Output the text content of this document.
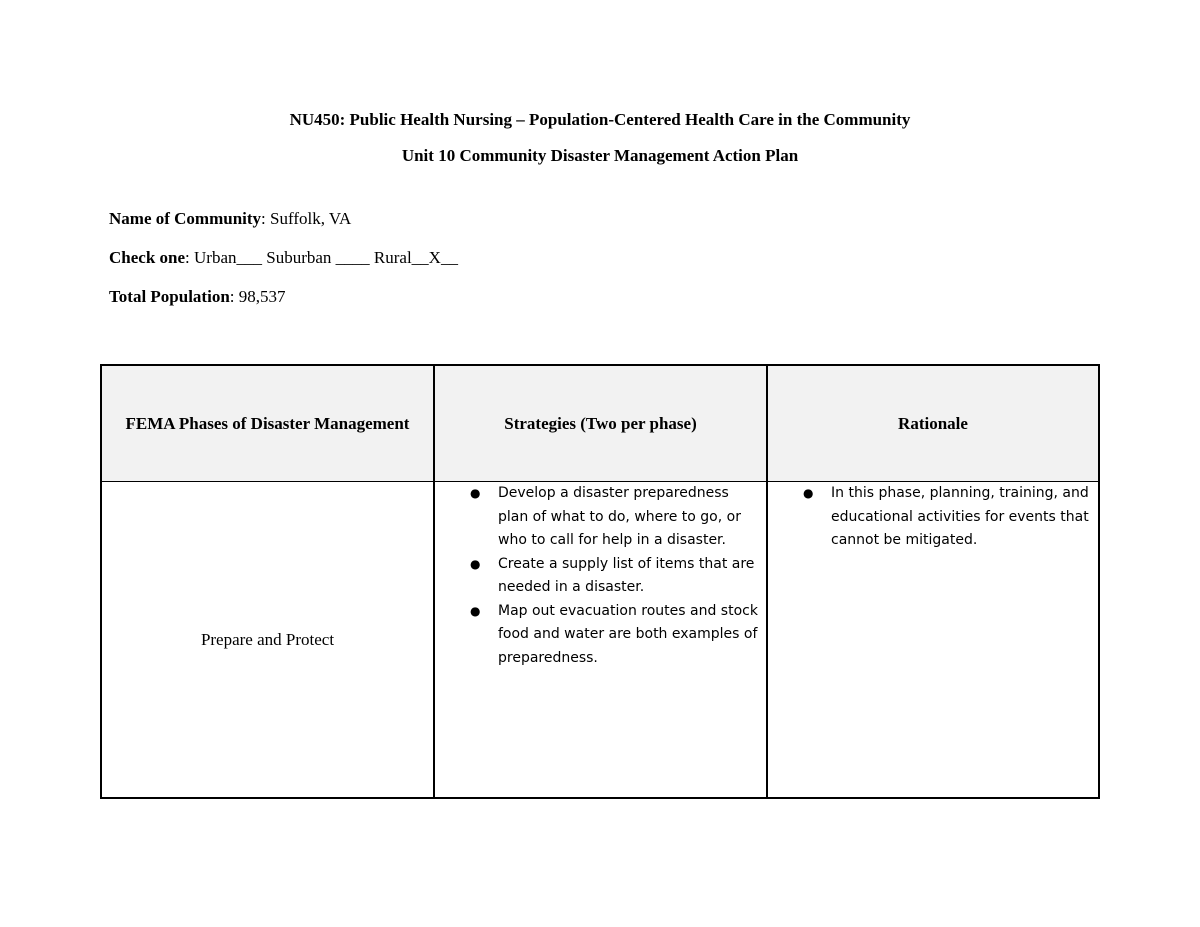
NU450: Public Health Nursing – Population-Centered Health Care in the Community
Unit 10 Community Disaster Management Action Plan
Name of Community: Suffolk, VA
Check one: Urban___ Suburban ____ Rural__X__
Total Population: 98,537
FEMA Phases of Disaster Management	Strategies (Two per phase)	Rationale
Prepare and Protect
● Develop a disaster preparedness plan of what to do, where to go, or who to call for help in a disaster.
● Create a supply list of items that are needed in a disaster.
● Map out evacuation routes and stock food and water are both examples of preparedness.
● In this phase, planning, training, and educational activities for events that cannot be mitigated.
